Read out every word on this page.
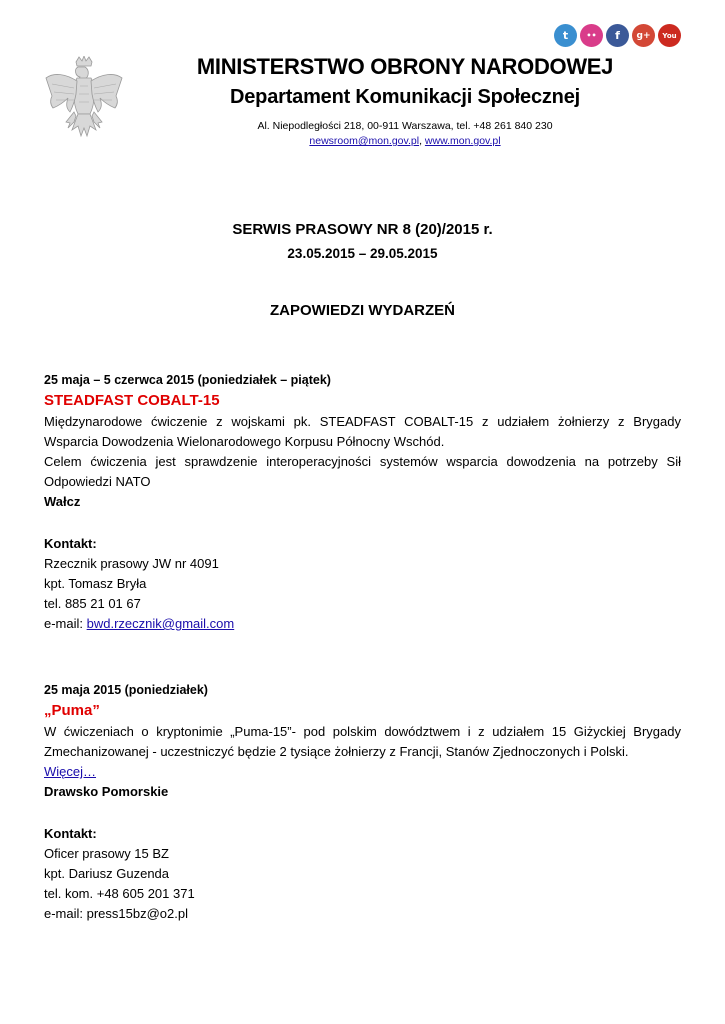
t	••	f	g+	You
MINISTERSTWO OBRONY NARODOWEJ
Departament Komunikacji Społecznej
Al. Niepodległości 218, 00-911 Warszawa, tel. +48 261 840 230
newsroom@mon.gov.pl, www.mon.gov.pl
SERWIS PRASOWY NR 8 (20)/2015 r.
23.05.2015 – 29.05.2015
ZAPOWIEDZI WYDARZEŃ
25 maja – 5 czerwca 2015 (poniedziałek – piątek)
STEADFAST COBALT-15

Międzynarodowe ćwiczenie z wojskami pk. STEADFAST COBALT-15 z udziałem żołnierzy z Brygady Wsparcia Dowodzenia Wielonarodowego Korpusu Północny Wschód.

Celem ćwiczenia jest sprawdzenie interoperacyjności systemów wsparcia dowodzenia na potrzeby Sił Odpowiedzi NATO

Wałcz
Kontakt:
Rzecznik prasowy JW nr 4091
kpt. Tomasz Bryła
tel. 885 21 01 67
e-mail: bwd.rzecznik@gmail.com
25 maja 2015 (poniedziałek)
„Puma”

W ćwiczeniach o kryptonimie „Puma-15”- pod polskim dowództwem i z udziałem 15 Giżyckiej Brygady Zmechanizowanej - uczestniczyć będzie 2 tysiące żołnierzy z Francji, Stanów Zjednoczonych i Polski.

Więcej…
Drawsko Pomorskie
Kontakt:
Oficer prasowy 15 BZ
kpt. Dariusz Guzenda
tel. kom. +48 605 201 371
e-mail: press15bz@o2.pl
